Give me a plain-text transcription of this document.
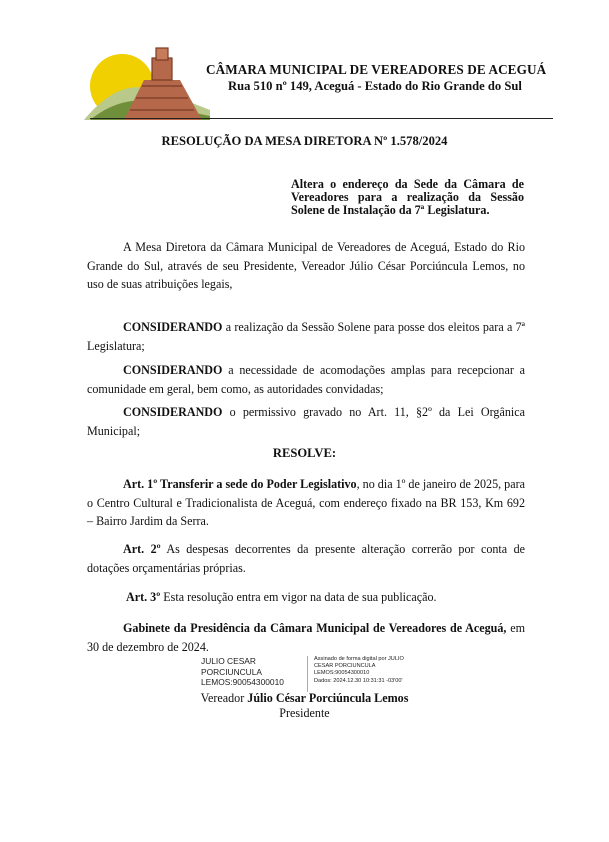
CÂMARA MUNICIPAL DE VEREADORES DE ACEGUÁ
Rua 510 nº 149, Aceguá - Estado do Rio Grande do Sul
RESOLUÇÃO DA MESA DIRETORA Nº 1.578/2024
Altera o endereço da Sede da Câmara de Vereadores para a realização da Sessão Solene de Instalação da 7ª Legislatura.
A Mesa Diretora da Câmara Municipal de Vereadores de Aceguá, Estado do Rio Grande do Sul, através de seu Presidente, Vereador Júlio César Porciúncula Lemos, no uso de suas atribuições legais,
CONSIDERANDO a realização da Sessão Solene para posse dos eleitos para a 7ª Legislatura;
CONSIDERANDO a necessidade de acomodações amplas para recepcionar a comunidade em geral, bem como, as autoridades convidadas;
CONSIDERANDO o permissivo gravado no Art. 11, §2º da Lei Orgânica Municipal;
RESOLVE:
Art. 1º Transferir a sede do Poder Legislativo, no dia 1º de janeiro de 2025, para o Centro Cultural e Tradicionalista de Aceguá, com endereço fixado na BR 153, Km 692 – Bairro Jardim da Serra.
Art. 2º As despesas decorrentes da presente alteração correrão por conta de dotações orçamentárias próprias.
Art. 3º Esta resolução entra em vigor na data de sua publicação.
Gabinete da Presidência da Câmara Municipal de Vereadores de Aceguá, em 30 de dezembro de 2024.
JULIO CESAR
PORCIUNCULA
LEMOS:90054300010
Assinado de forma digital por JULIO
CESAR PORCIUNCULA
LEMOS:90054300010
Dados: 2024.12.30 10:31:31 -03'00'
Vereador Júlio César Porciúncula Lemos
Presidente
